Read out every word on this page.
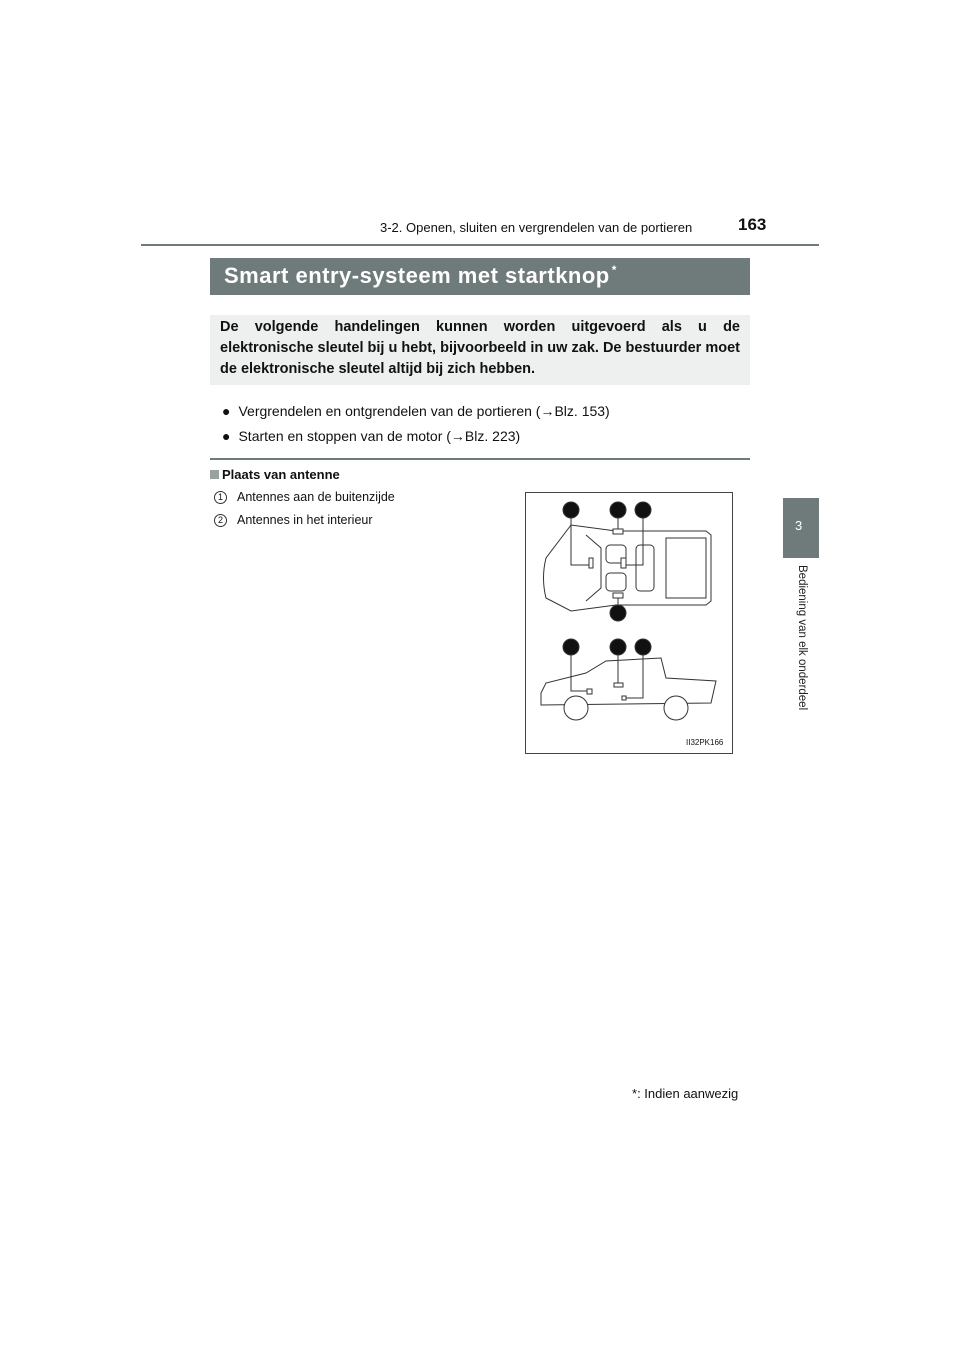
3-2. Openen, sluiten en vergrendelen van de portieren	163
Smart entry-systeem met startknop *
De volgende handelingen kunnen worden uitgevoerd als u de elektronische sleutel bij u hebt, bijvoorbeeld in uw zak. De bestuurder moet de elektronische sleutel altijd bij zich hebben.
● Vergrendelen en ontgrendelen van de portieren (→Blz. 153)
● Starten en stoppen van de motor (→Blz. 223)
Plaats van antenne
1 Antennes aan de buitenzijde
2 Antennes in het interieur
2	1 2
1
2	1 2
II32PK166
3
Bediening van elk onderdeel
*: Indien aanwezig
